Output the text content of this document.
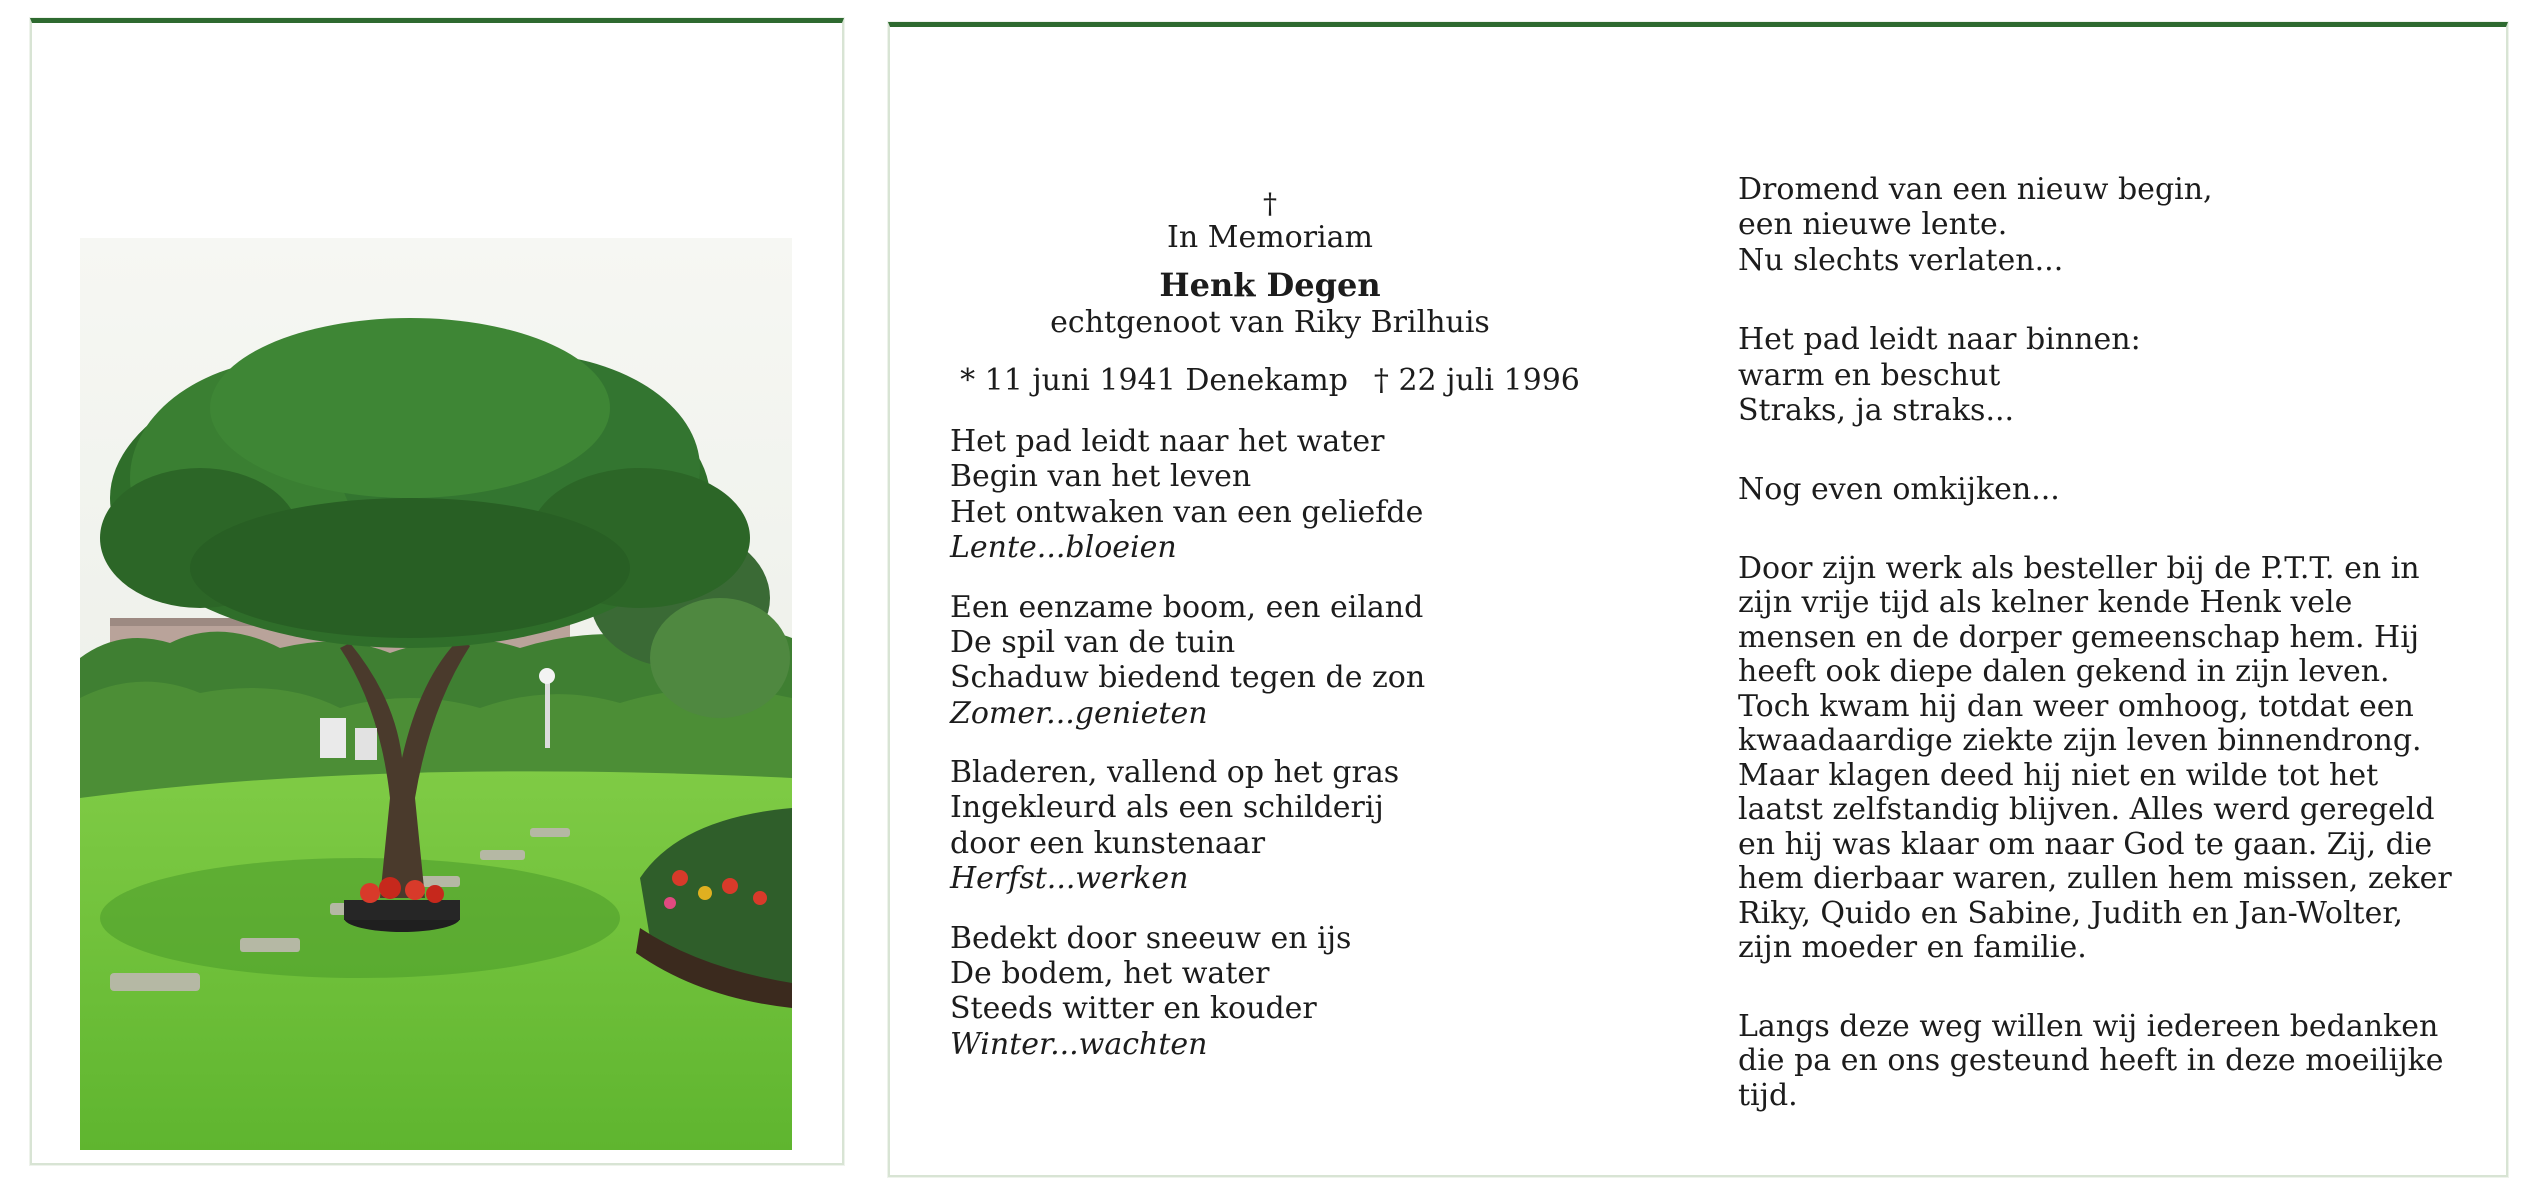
†
In Memoriam
Henk Degen
echtgenoot van Riky Brilhuis
* 11 juni 1941 Denekamp † 22 juli 1996
Het pad leidt naar het water
Begin van het leven
Het ontwaken van een geliefde
Lente...bloeien
Een eenzame boom, een eiland
De spil van de tuin
Schaduw biedend tegen de zon
Zomer...genieten
Bladeren, vallend op het gras
Ingekleurd als een schilderij
door een kunstenaar
Herfst...werken
Bedekt door sneeuw en ijs
De bodem, het water
Steeds witter en kouder
Winter...wachten
Dromend van een nieuw begin,
een nieuwe lente.
Nu slechts verlaten...
Het pad leidt naar binnen:
warm en beschut
Straks, ja straks...
Nog even omkijken...
Door zijn werk als besteller bij de P.T.T. en in zijn vrije tijd als kelner kende Henk vele mensen en de dorper gemeenschap hem. Hij heeft ook diepe dalen gekend in zijn leven. Toch kwam hij dan weer omhoog, totdat een kwaadaardige ziekte zijn leven binnendrong. Maar klagen deed hij niet en wilde tot het laatst zelfstandig blijven. Alles werd geregeld en hij was klaar om naar God te gaan. Zij, die hem dierbaar waren, zullen hem missen, zeker Riky, Quido en Sabine, Judith en Jan-Wolter, zijn moeder en familie.
Langs deze weg willen wij iedereen bedanken die pa en ons gesteund heeft in deze moeilijke tijd.
